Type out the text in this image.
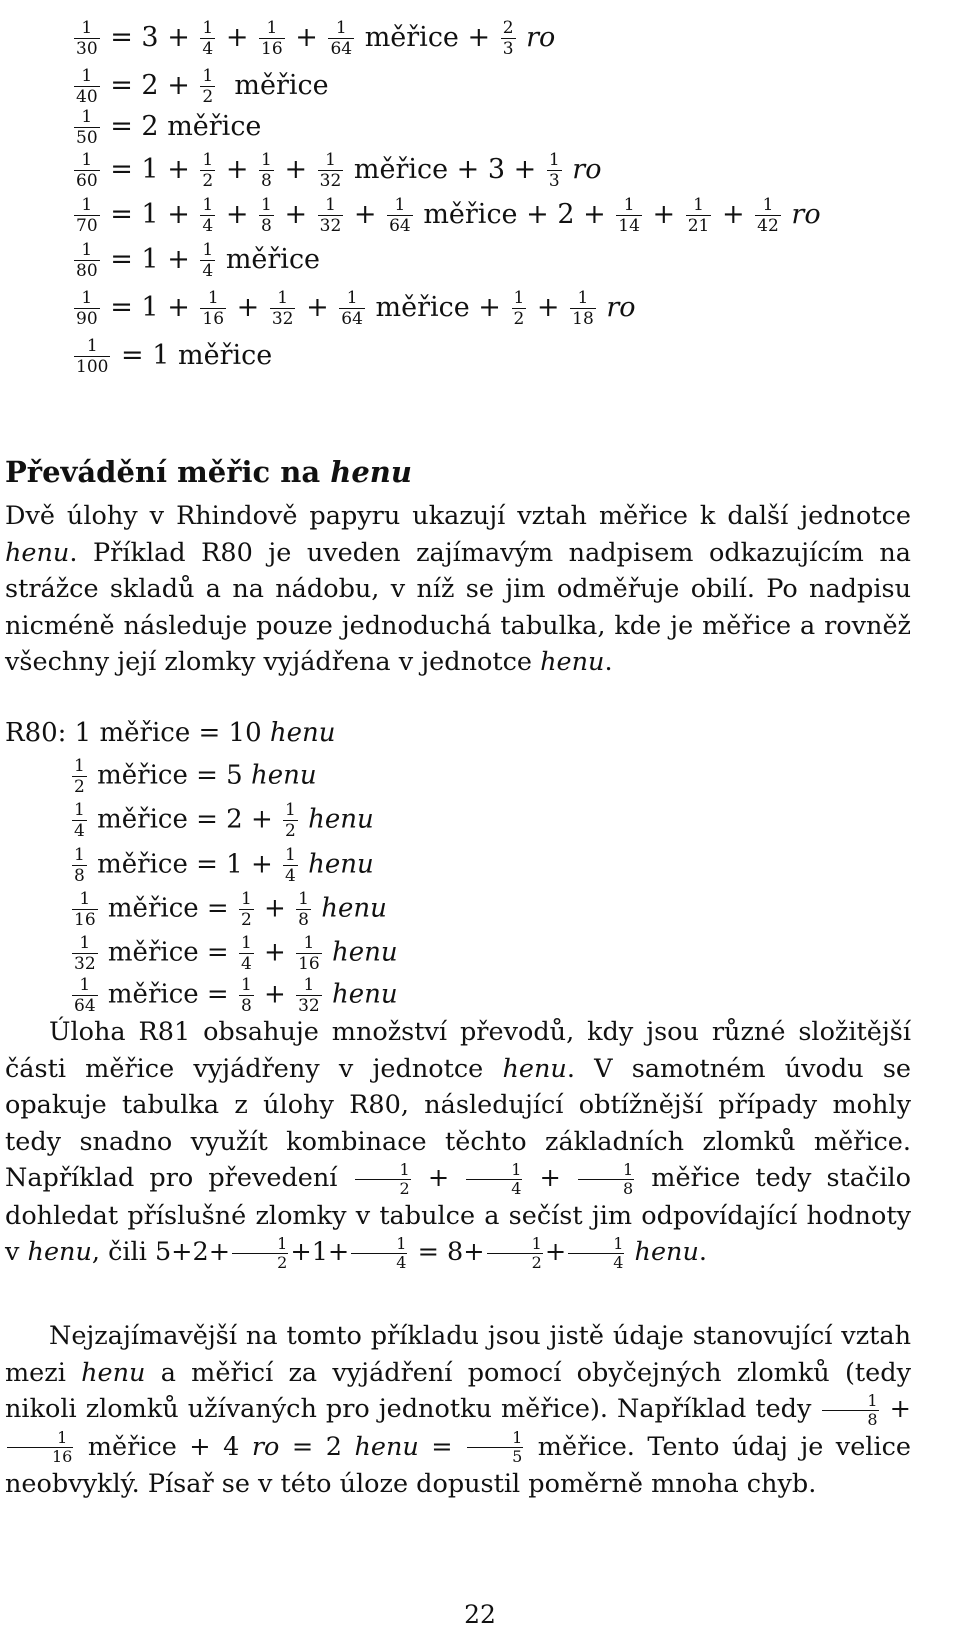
$\frac{1}{30} = 3 + \frac{1}{4} + \frac{1}{16} + \frac{1}{64}$ měřice + $\frac{2}{3}$ ro
$\frac{1}{40} = 2 + \frac{1}{2}$ měřice
$\frac{1}{50} = 2$ měřice
$\frac{1}{60} = 1 + \frac{1}{2} + \frac{1}{8} + \frac{1}{32}$ měřice + $3 + \frac{1}{3}$ ro
$\frac{1}{70} = 1 + \frac{1}{4} + \frac{1}{8} + \frac{1}{32} + \frac{1}{64}$ měřice + $2 + \frac{1}{14} + \frac{1}{21} + \frac{1}{42}$ ro
$\frac{1}{80} = 1 + \frac{1}{4}$ měřice
$\frac{1}{90} = 1 + \frac{1}{16} + \frac{1}{32} + \frac{1}{64}$ měřice + $\frac{1}{2} + \frac{1}{18}$ ro
$\frac{1}{100} = 1$ měřice
Převádění měřic na henu

Dvě úlohy v Rhindově papyru ukazují vztah měřice k další jednotce henu. Příklad R80 je uveden zajímavým nadpisem odkazujícím na strážce skladů a na nádobu, v níž se jim odměřuje obilí. Po nadpisu nicméně následuje pouze jednoduchá tabulka, kde je měřice a rovněž všechny její zlomky vyjádřena v jednotce henu.

R80: 1 měřice = 10 henu
$\frac{1}{2}$ měřice = 5 henu
$\frac{1}{4}$ měřice = $2 + \frac{1}{2}$ henu
$\frac{1}{8}$ měřice = $1 + \frac{1}{4}$ henu
$\frac{1}{16}$ měřice = $\frac{1}{2} + \frac{1}{8}$ henu
$\frac{1}{32}$ měřice = $\frac{1}{4} + \frac{1}{16}$ henu
$\frac{1}{64}$ měřice = $\frac{1}{8} + \frac{1}{32}$ henu

Úloha R81 obsahuje množství převodů, kdy jsou různé složitější části měřice vyjádřeny v jednotce henu. V samotném úvodu se opakuje tabulka z úlohy R80, následující obtížnější případy mohly tedy snadno využít kombinace těchto základních zlomků měřice. Například pro převedení $\frac{1}{2} + \frac{1}{4} + \frac{1}{8}$ měřice tedy stačilo dohledat příslušné zlomky v tabulce a sečíst jim odpovídající hodnoty v henu, čili $5+2+ \frac{1}{2} +1+ \frac{1}{4} = 8+ \frac{1}{2} + \frac{1}{4}$ henu.

Nejzajímavější na tomto příkladu jsou jistě údaje stanovující vztah mezi henu a měřicí za vyjádření pomocí obyčejných zlomků (tedy nikoli zlomků užívaných pro jednotku měřice). Například tedy $\frac{1}{8}$ +
$\frac{1}{16}$ měřice + 4 ro = 2 henu = $\frac{1}{5}$ měřice. Tento údaj je velice neobvyklý. Písař se v této úloze dopustil poměrně mnoha chyb.

22
